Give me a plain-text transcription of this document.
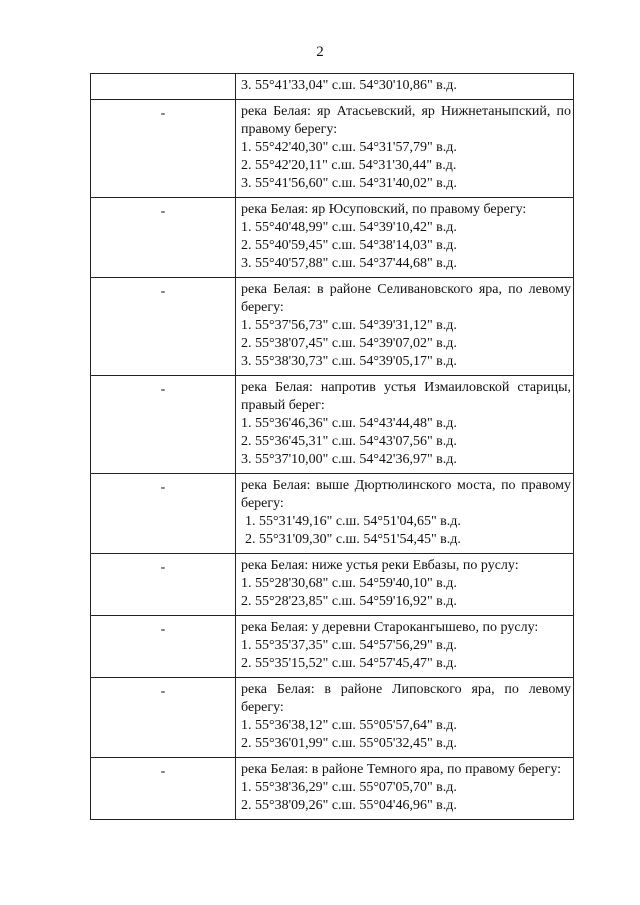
2

	3. 55°41'33,04" с.ш. 54°30'10,86" в.д.

-	река Белая: яр Атасьевский, яр Нижнетаныпский, по правому берегу:
1. 55°42'40,30" с.ш. 54°31'57,79" в.д.
2. 55°42'20,11" с.ш. 54°31'30,44" в.д.
3. 55°41'56,60" с.ш. 54°31'40,02" в.д.

-	река Белая: яр Юсуповский, по правому берегу:
1. 55°40'48,99" с.ш. 54°39'10,42" в.д.
2. 55°40'59,45" с.ш. 54°38'14,03" в.д.
3. 55°40'57,88" с.ш. 54°37'44,68" в.д.

-	река Белая: в районе Селивановского яра, по левому берегу:
1. 55°37'56,73" с.ш. 54°39'31,12" в.д.
2. 55°38'07,45" с.ш. 54°39'07,02" в.д.
3. 55°38'30,73" с.ш. 54°39'05,17" в.д.

-	река Белая: напротив устья Измаиловской старицы, правый берег:
1. 55°36'46,36" с.ш. 54°43'44,48" в.д.
2. 55°36'45,31" с.ш. 54°43'07,56" в.д.
3. 55°37'10,00" с.ш. 54°42'36,97" в.д.

-	река Белая: выше Дюртюлинского моста, по правому берегу:
1. 55°31'49,16" с.ш. 54°51'04,65" в.д.
2. 55°31'09,30" с.ш. 54°51'54,45" в.д.

-	река Белая: ниже устья реки Евбазы, по руслу:
1. 55°28'30,68" с.ш. 54°59'40,10" в.д.
2. 55°28'23,85" с.ш. 54°59'16,92" в.д.

-	река Белая: у деревни Старокангышево, по руслу:
1. 55°35'37,35" с.ш. 54°57'56,29" в.д.
2. 55°35'15,52" с.ш. 54°57'45,47" в.д.

-	река Белая: в районе Липовского яра, по левому берегу:
1. 55°36'38,12" с.ш. 55°05'57,64" в.д.
2. 55°36'01,99" с.ш. 55°05'32,45" в.д.

-	река Белая: в районе Темного яра, по правому берегу:
1. 55°38'36,29" с.ш. 55°07'05,70" в.д.
2. 55°38'09,26" с.ш. 55°04'46,96" в.д.
